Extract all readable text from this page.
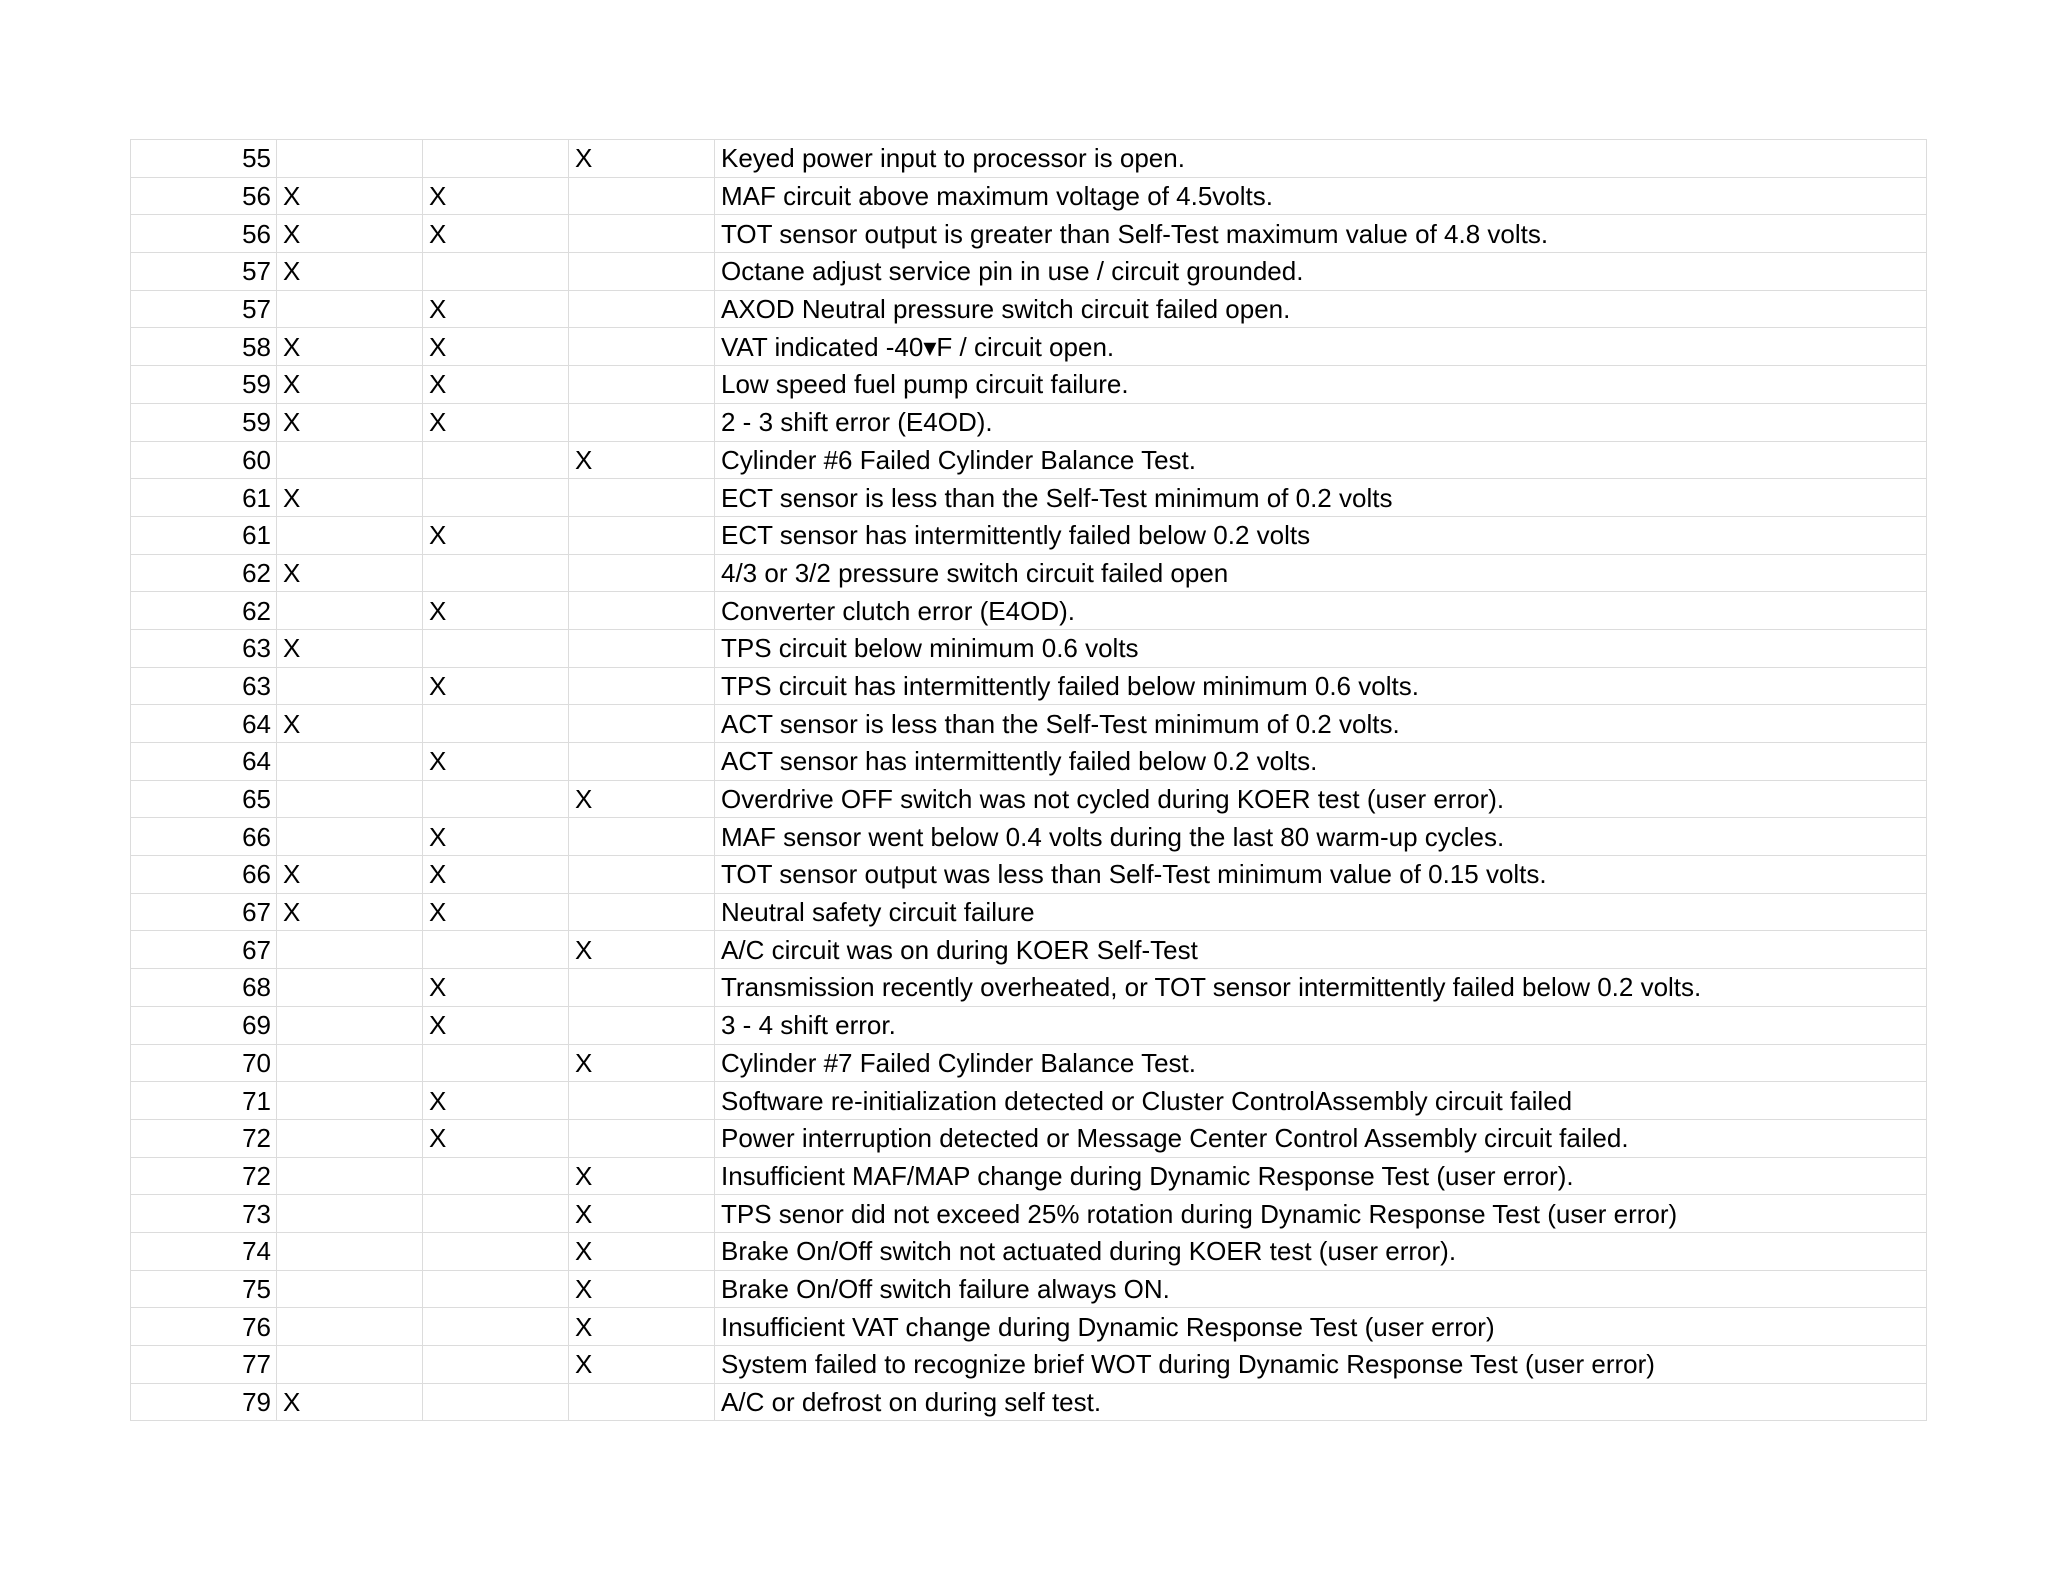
55			X	Keyed power input to processor is open.
56	X	X		MAF circuit above maximum voltage of 4.5volts.
56	X	X		TOT sensor output is greater than Self-Test maximum value of 4.8 volts.
57	X			Octane adjust service pin in use / circuit grounded.
57		X		AXOD Neutral pressure switch circuit failed open.
58	X	X		VAT indicated -40▾F / circuit open.
59	X	X		Low speed fuel pump circuit failure.
59	X	X		2 - 3 shift error (E4OD).
60			X	Cylinder #6 Failed Cylinder Balance Test.
61	X			ECT sensor is less than the Self-Test minimum of 0.2 volts
61		X		ECT sensor has intermittently failed below 0.2 volts
62	X			4/3 or 3/2 pressure switch circuit failed open
62		X		Converter clutch error (E4OD).
63	X			TPS circuit below minimum 0.6 volts
63		X		TPS circuit has intermittently failed below minimum 0.6 volts.
64	X			ACT sensor is less than the Self-Test minimum of 0.2 volts.
64		X		ACT sensor has intermittently failed below 0.2 volts.
65			X	Overdrive OFF switch was not cycled during KOER test (user error).
66		X		MAF sensor went below 0.4 volts during the last 80 warm-up cycles.
66	X	X		TOT sensor output was less than Self-Test minimum value of 0.15 volts.
67	X	X		Neutral safety circuit failure
67			X	A/C circuit was on during KOER Self-Test
68		X		Transmission recently overheated, or TOT sensor intermittently failed below 0.2 volts.
69		X		3 - 4 shift error.
70			X	Cylinder #7 Failed Cylinder Balance Test.
71		X		Software re-initialization detected or Cluster ControlAssembly circuit failed
72		X		Power interruption detected or Message Center Control Assembly circuit failed.
72			X	Insufficient MAF/MAP change during Dynamic Response Test (user error).
73			X	TPS senor did not exceed 25% rotation during Dynamic Response Test (user error)
74			X	Brake On/Off switch not actuated during KOER test (user error).
75			X	Brake On/Off switch failure always ON.
76			X	Insufficient VAT change during Dynamic Response Test (user error)
77			X	System failed to recognize brief WOT during Dynamic Response Test (user error)
79	X			A/C or defrost on during self test.
